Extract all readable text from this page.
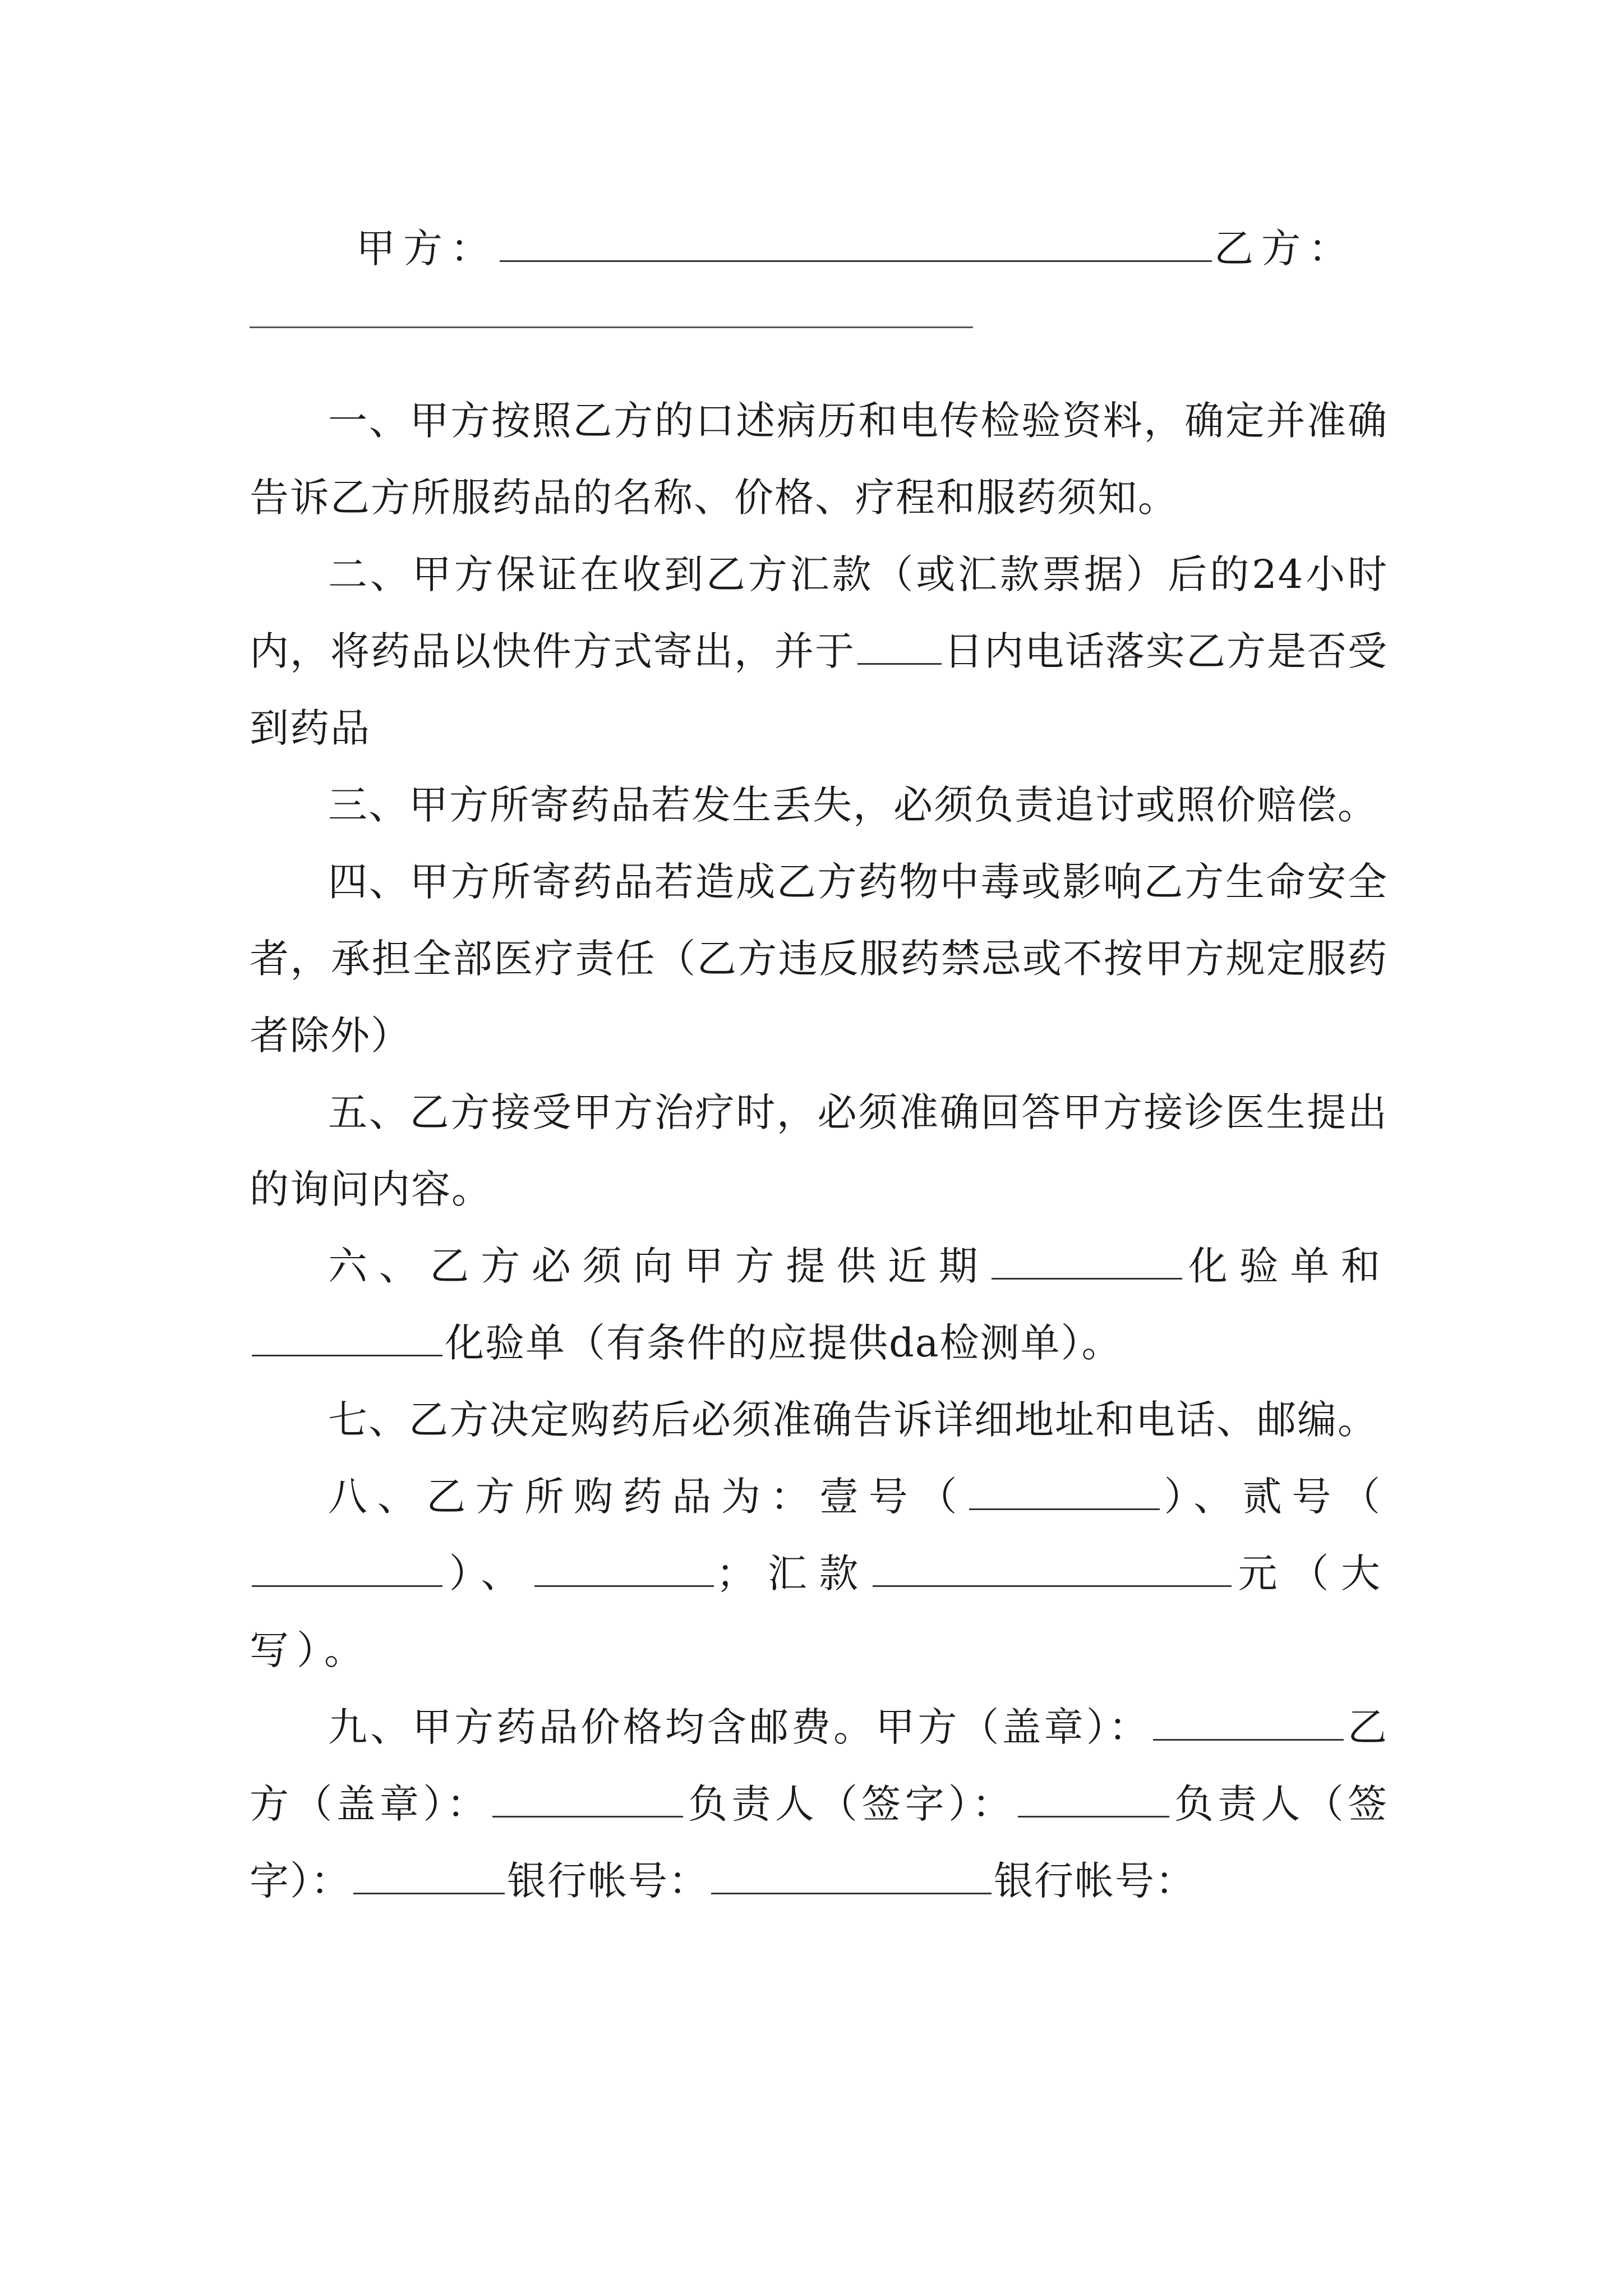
甲方：	乙方：

一、甲方按照乙方的口述病历和电传检验资料，确定并准确告诉乙方所服药品的名称、价格、疗程和服药须知。

二、甲方保证在收到乙方汇款（或汇款票据）后的24小时内，将药品以快件方式寄出，并于 日内电话落实乙方是否受到药品

三、甲方所寄药品若发生丢失，必须负责追讨或照价赔偿。

四、甲方所寄药品若造成乙方药物中毒或影响乙方生命安全者，承担全部医疗责任（乙方违反服药禁忌或不按甲方规定服药者除外）

五、乙方接受甲方治疗时，必须准确回答甲方接诊医生提出的询问内容。

六、乙方必须向甲方提供近期	化验单和化验单（有条件的应提供da检测单）。

七、乙方决定购药后必须准确告诉详细地址和电话、邮编。

八、乙方所购药品为：壹号（	）、贰号（）、	；汇款	元（大写）。

九、甲方药品价格均含邮费。甲方（盖章）：	乙方（盖章）：	负责人（签字）：	负责人（签字）：	银行帐号：	银行帐号：
